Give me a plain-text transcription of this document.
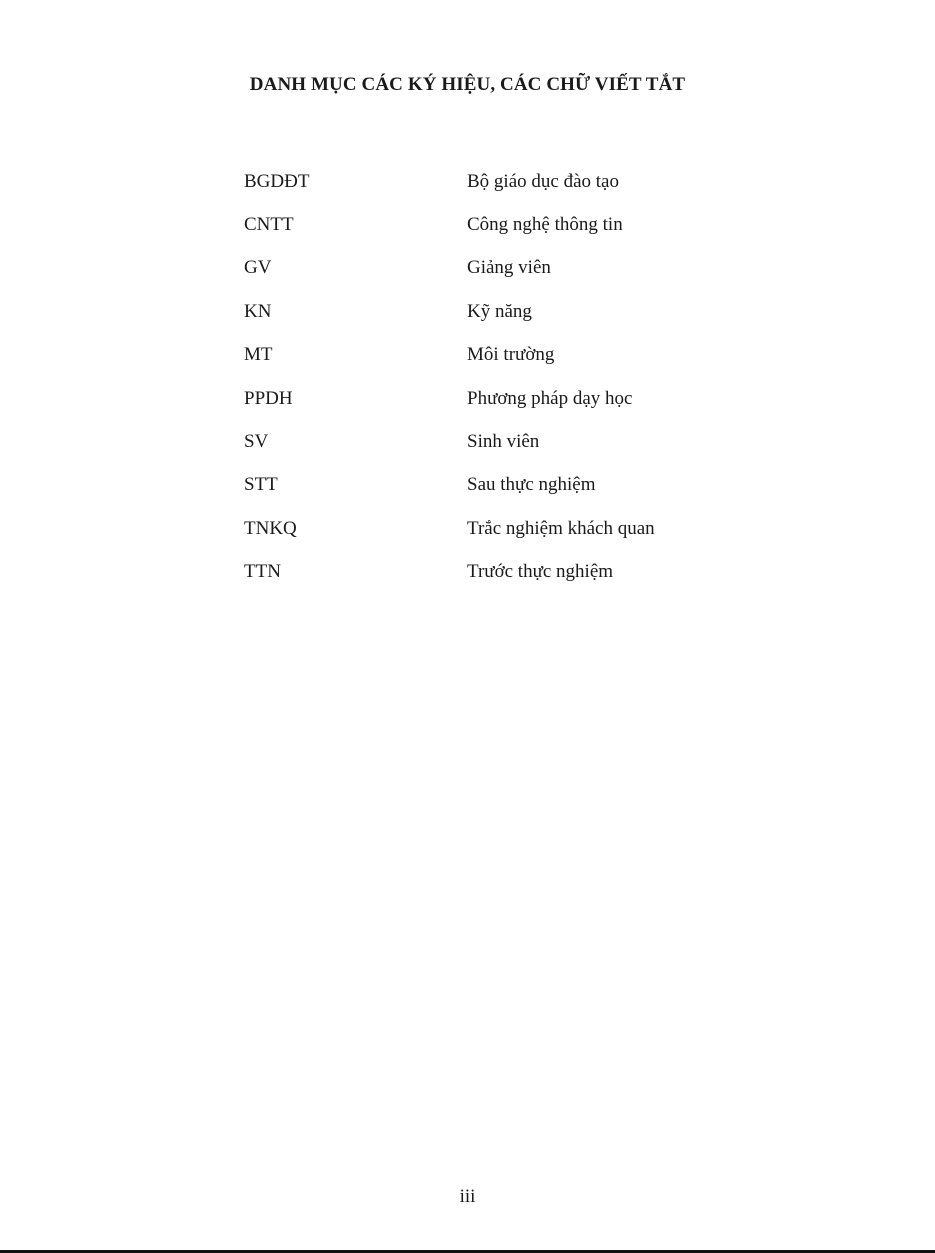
DANH MỤC CÁC KÝ HIỆU, CÁC CHỮ VIẾT TẮT
BGDĐT	Bộ giáo dục đào tạo
CNTT	Công nghệ thông tin
GV	Giảng viên
KN	Kỹ năng
MT	Môi trường
PPDH	Phương pháp dạy học
SV	Sinh viên
STT	Sau thực nghiệm
TNKQ	Trắc nghiệm khách quan
TTN	Trước thực nghiệm
iii
